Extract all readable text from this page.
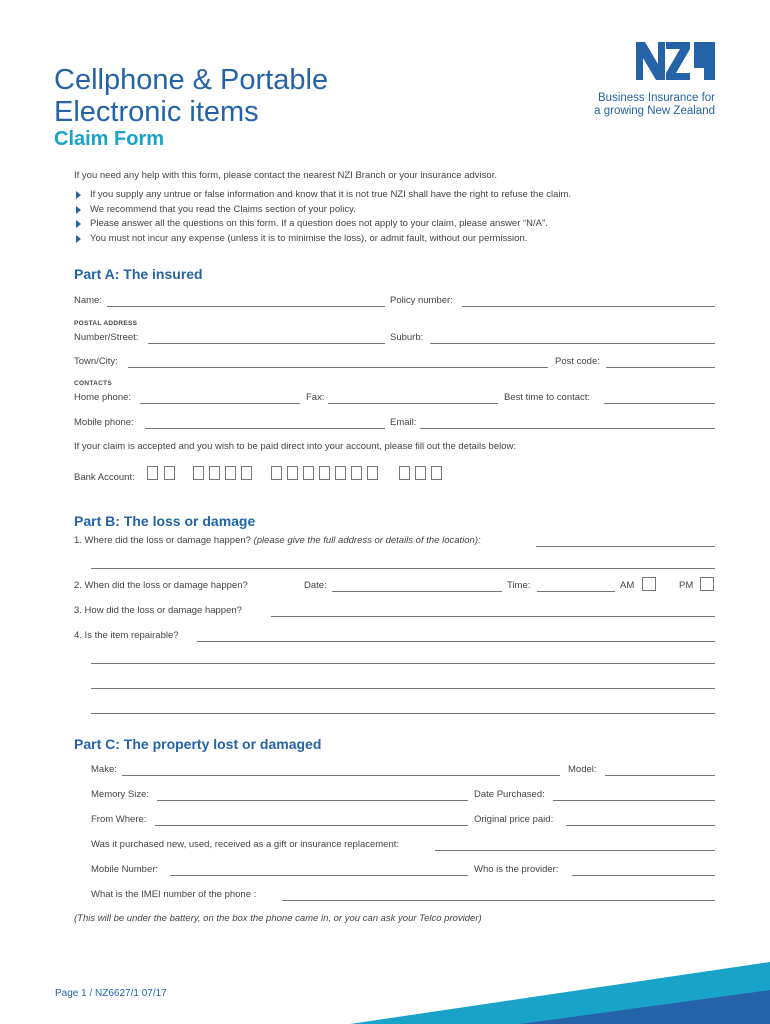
Cellphone & Portable
Electronic items
Claim Form
Business Insurance for
a growing New Zealand
If you need any help with this form, please contact the nearest NZI Branch or your insurance advisor.
If you supply any untrue or false information and know that it is not true NZI shall have the right to refuse the claim.
We recommend that you read the Claims section of your policy.
Please answer all the questions on this form. If a question does not apply to your claim, please answer “N/A”.
You must not incur any expense (unless it is to minimise the loss), or admit fault, without our permission.
Part A: The insured
Name:	Policy number:
POSTAL ADDRESS
Number/Street:	Suburb:
Town/City:	Post code:
CONTACTS
Home phone:	Fax:	Best time to contact:
Mobile phone:	Email:
If your claim is accepted and you wish to be paid direct into your account, please fill out the details below:
Bank Account:
Part B: The loss or damage
1. Where did the loss or damage happen? (please give the full address or details of the location):
2. When did the loss or damage happen?	Date:	Time:	AM	PM
3. How did the loss or damage happen?
4. Is the item repairable?
Part C: The property lost or damaged
Make:	Model:
Memory Size:	Date Purchased:
From Where:	Original price paid:
Was it purchased new, used, received as a gift or insurance replacement:
Mobile Number:	Who is the provider:
What is the IMEI number of the phone :
(This will be under the battery, on the box the phone came in, or you can ask your Telco provider)
Page 1 / NZ6627/1 07/17
